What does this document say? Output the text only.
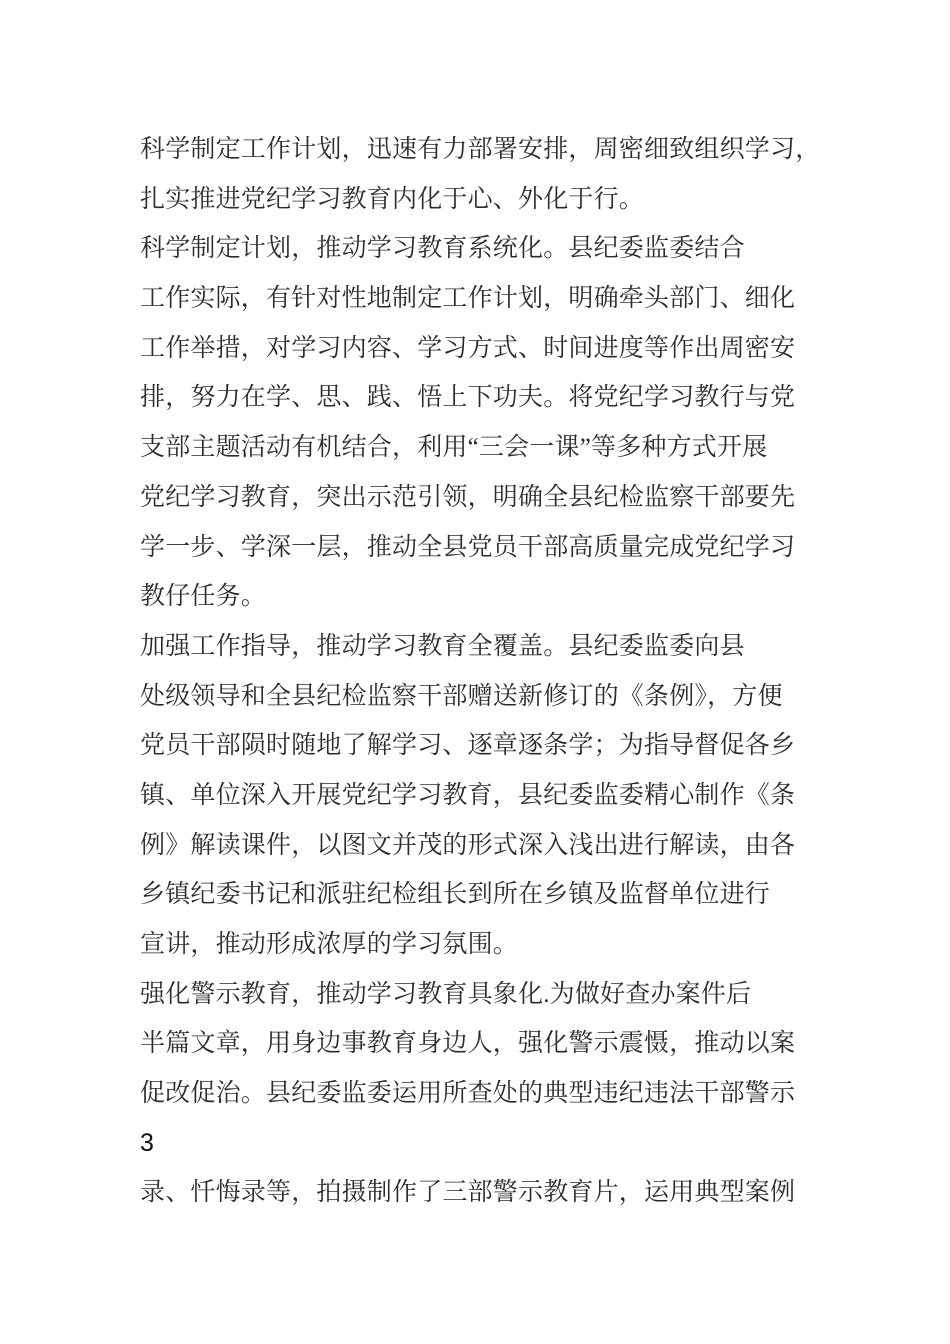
科学制定工作计划，迅速有力部署安排，周密细致组织学习，
扎实推进党纪学习教育内化于心、外化于行。
科学制定计划，推动学习教育系统化。县纪委监委结合
工作实际，有针对性地制定工作计划，明确牵头部门、细化
工作举措，对学习内容、学习方式、时间进度等作出周密安
排，努力在学、思、践、悟上下功夫。将党纪学习教行与党
支部主题活动有机结合，利用“三会一课”等多种方式开展
党纪学习教育，突出示范引领，明确全县纪检监察干部要先
学一步、学深一层，推动全县党员干部高质量完成党纪学习
教仔任务。
加强工作指导，推动学习教育全覆盖。县纪委监委向县
处级领导和全县纪检监察干部赠送新修订的《条例》，方便
党员干部陨时随地了解学习、逐章逐条学；为指导督促各乡
镇、单位深入开展党纪学习教育，县纪委监委精心制作《条
例》解读课件，以图文并茂的形式深入浅出进行解读，由各
乡镇纪委书记和派驻纪检组长到所在乡镇及监督单位进行
宣讲，推动形成浓厚的学习氛围。
强化警示教育，推动学习教育具象化.为做好查办案件后
半篇文章，用身边事教育身边人，强化警示震慑，推动以案
促改促治。县纪委监委运用所查处的典型违纪违法干部警示
3
录、忏悔录等，拍摄制作了三部警示教育片，运用典型案例
